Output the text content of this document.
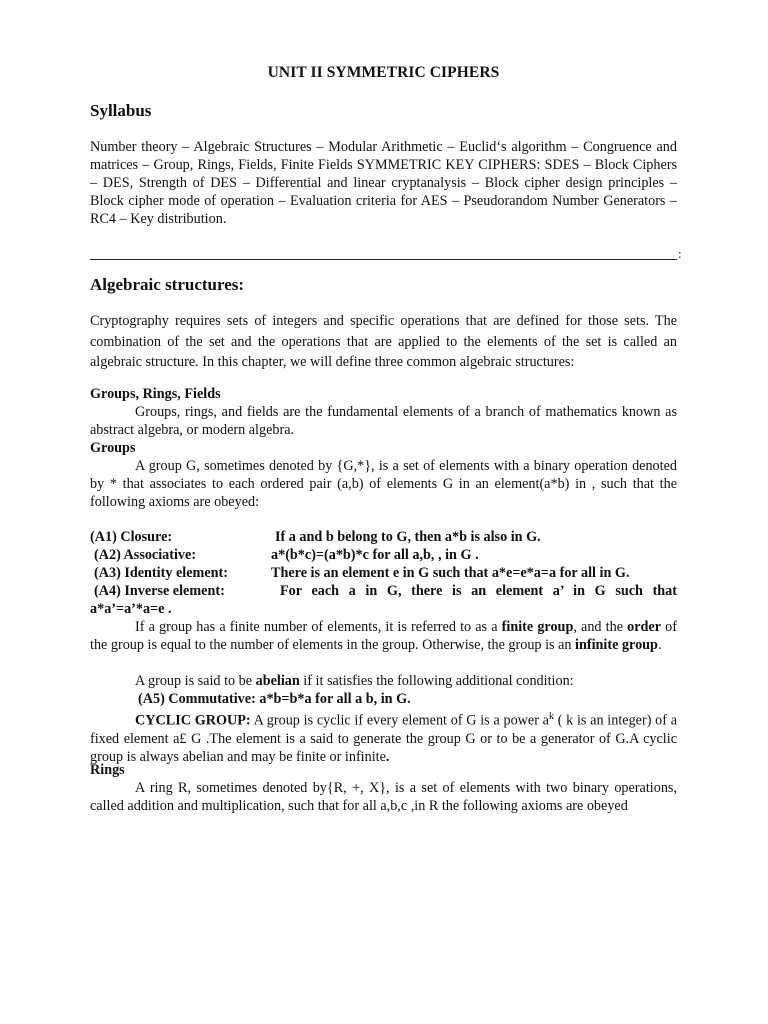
UNIT II SYMMETRIC CIPHERS
Syllabus
Number theory – Algebraic Structures – Modular Arithmetic – Euclid‘s algorithm – Congruence and matrices – Group, Rings, Fields, Finite Fields SYMMETRIC KEY CIPHERS: SDES – Block Ciphers – DES, Strength of DES – Differential and linear cryptanalysis – Block cipher design principles – Block cipher mode of operation – Evaluation criteria for AES – Pseudorandom Number Generators – RC4 – Key distribution.
:
Algebraic structures:
Cryptography requires sets of integers and specific operations that are defined for those sets. The combination of the set and the operations that are applied to the elements of the set is called an algebraic structure. In this chapter, we will define three common algebraic structures:
Groups, Rings, Fields
Groups, rings, and fields are the fundamental elements of a branch of mathematics known as abstract algebra, or modern algebra.
Groups
A group G, sometimes denoted by {G,*}, is a set of elements with a binary operation denoted by * that associates to each ordered pair (a,b) of elements G in an element(a*b) in , such that the following axioms are obeyed:
(A1) Closure:	If a and b belong to G, then a*b is also in G.
(A2) Associative:	a*(b*c)=(a*b)*c for all a,b, , in G .
(A3) Identity element:	There is an element e in G such that a*e=e*a=a for all in G.
(A4) Inverse element:	For each a in G, there is an element a’ in G such that
a*a’=a’*a=e .
If a group has a finite number of elements, it is referred to as a finite group, and the order of the group is equal to the number of elements in the group. Otherwise, the group is an infinite group.
A group is said to be abelian if it satisfies the following additional condition:
(A5) Commutative: a*b=b*a for all a b, in G.
CYCLIC GROUP: A group is cyclic if every element of G is a power $a^k$ ( k is an integer) of a fixed element a£ G .The element is a said to generate the group G or to be a generator of G.A cyclic group is always abelian and may be finite or infinite.
Rings
A ring R, sometimes denoted by{R, +, X}, is a set of elements with two binary operations, called addition and multiplication, such that for all a,b,c ,in R the following axioms are obeyed
